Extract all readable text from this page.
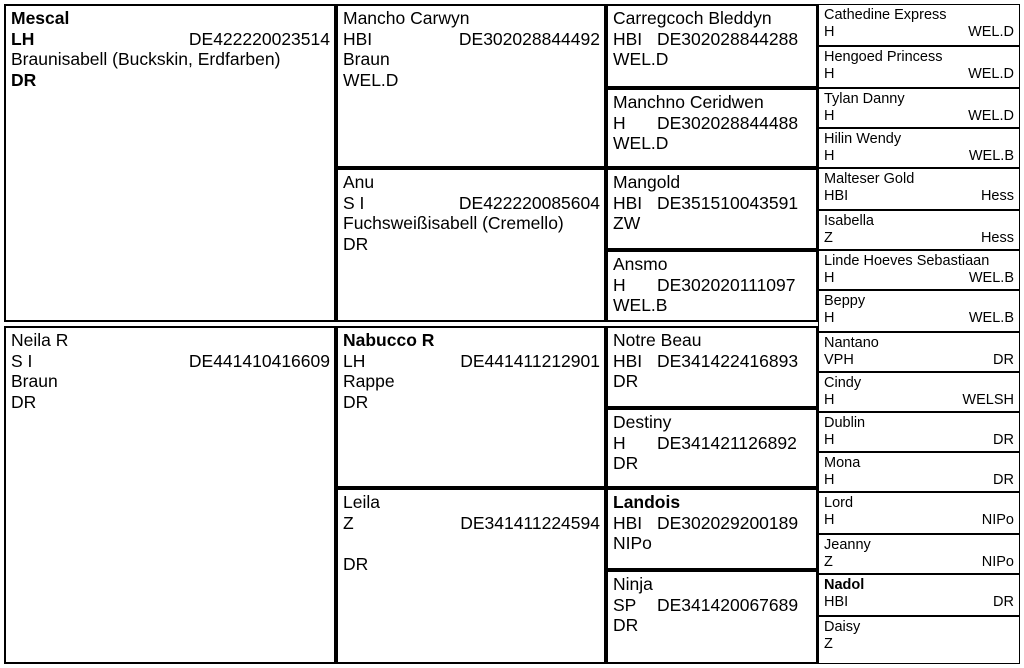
Mescal
LH	DE422220023514
Braunisabell (Buckskin, Erdfarben)
DR
Neila R
S I	DE441410416609
Braun
DR
Mancho Carwyn
HBI	DE302028844492
Braun
WEL.D
Anu
S I	DE422220085604
Fuchsweißisabell (Cremello)
DR
Nabucco R
LH	DE441411212901
Rappe
DR
Leila
Z	DE341411224594

DR
Carregcoch Bleddyn
HBI DE302028844288
WEL.D
Manchno Ceridwen
H	DE302028844488
WEL.D
Mangold
HBI DE351510043591
ZW
Ansmo
H	DE302020111097
WEL.B
Notre Beau
HBI DE341422416893
DR
Destiny
H	DE341421126892
DR
Landois
HBI DE302029200189
NIPo
Ninja
SP	DE341420067689
DR
Cathedine Express
H	WEL.D
Hengoed Princess
H	WEL.D
Tylan Danny
H	WEL.D
Hilin Wendy
H	WEL.B
Malteser Gold
HBI	Hess
Isabella
Z	Hess
Linde Hoeves Sebastiaan
H	WEL.B
Beppy
H	WEL.B
Nantano
VPH	DR
Cindy
H	WELSH
Dublin
H	DR
Mona
H	DR
Lord
H	NIPo
Jeanny
Z	NIPo
Nadol
HBI	DR
Daisy
Z
